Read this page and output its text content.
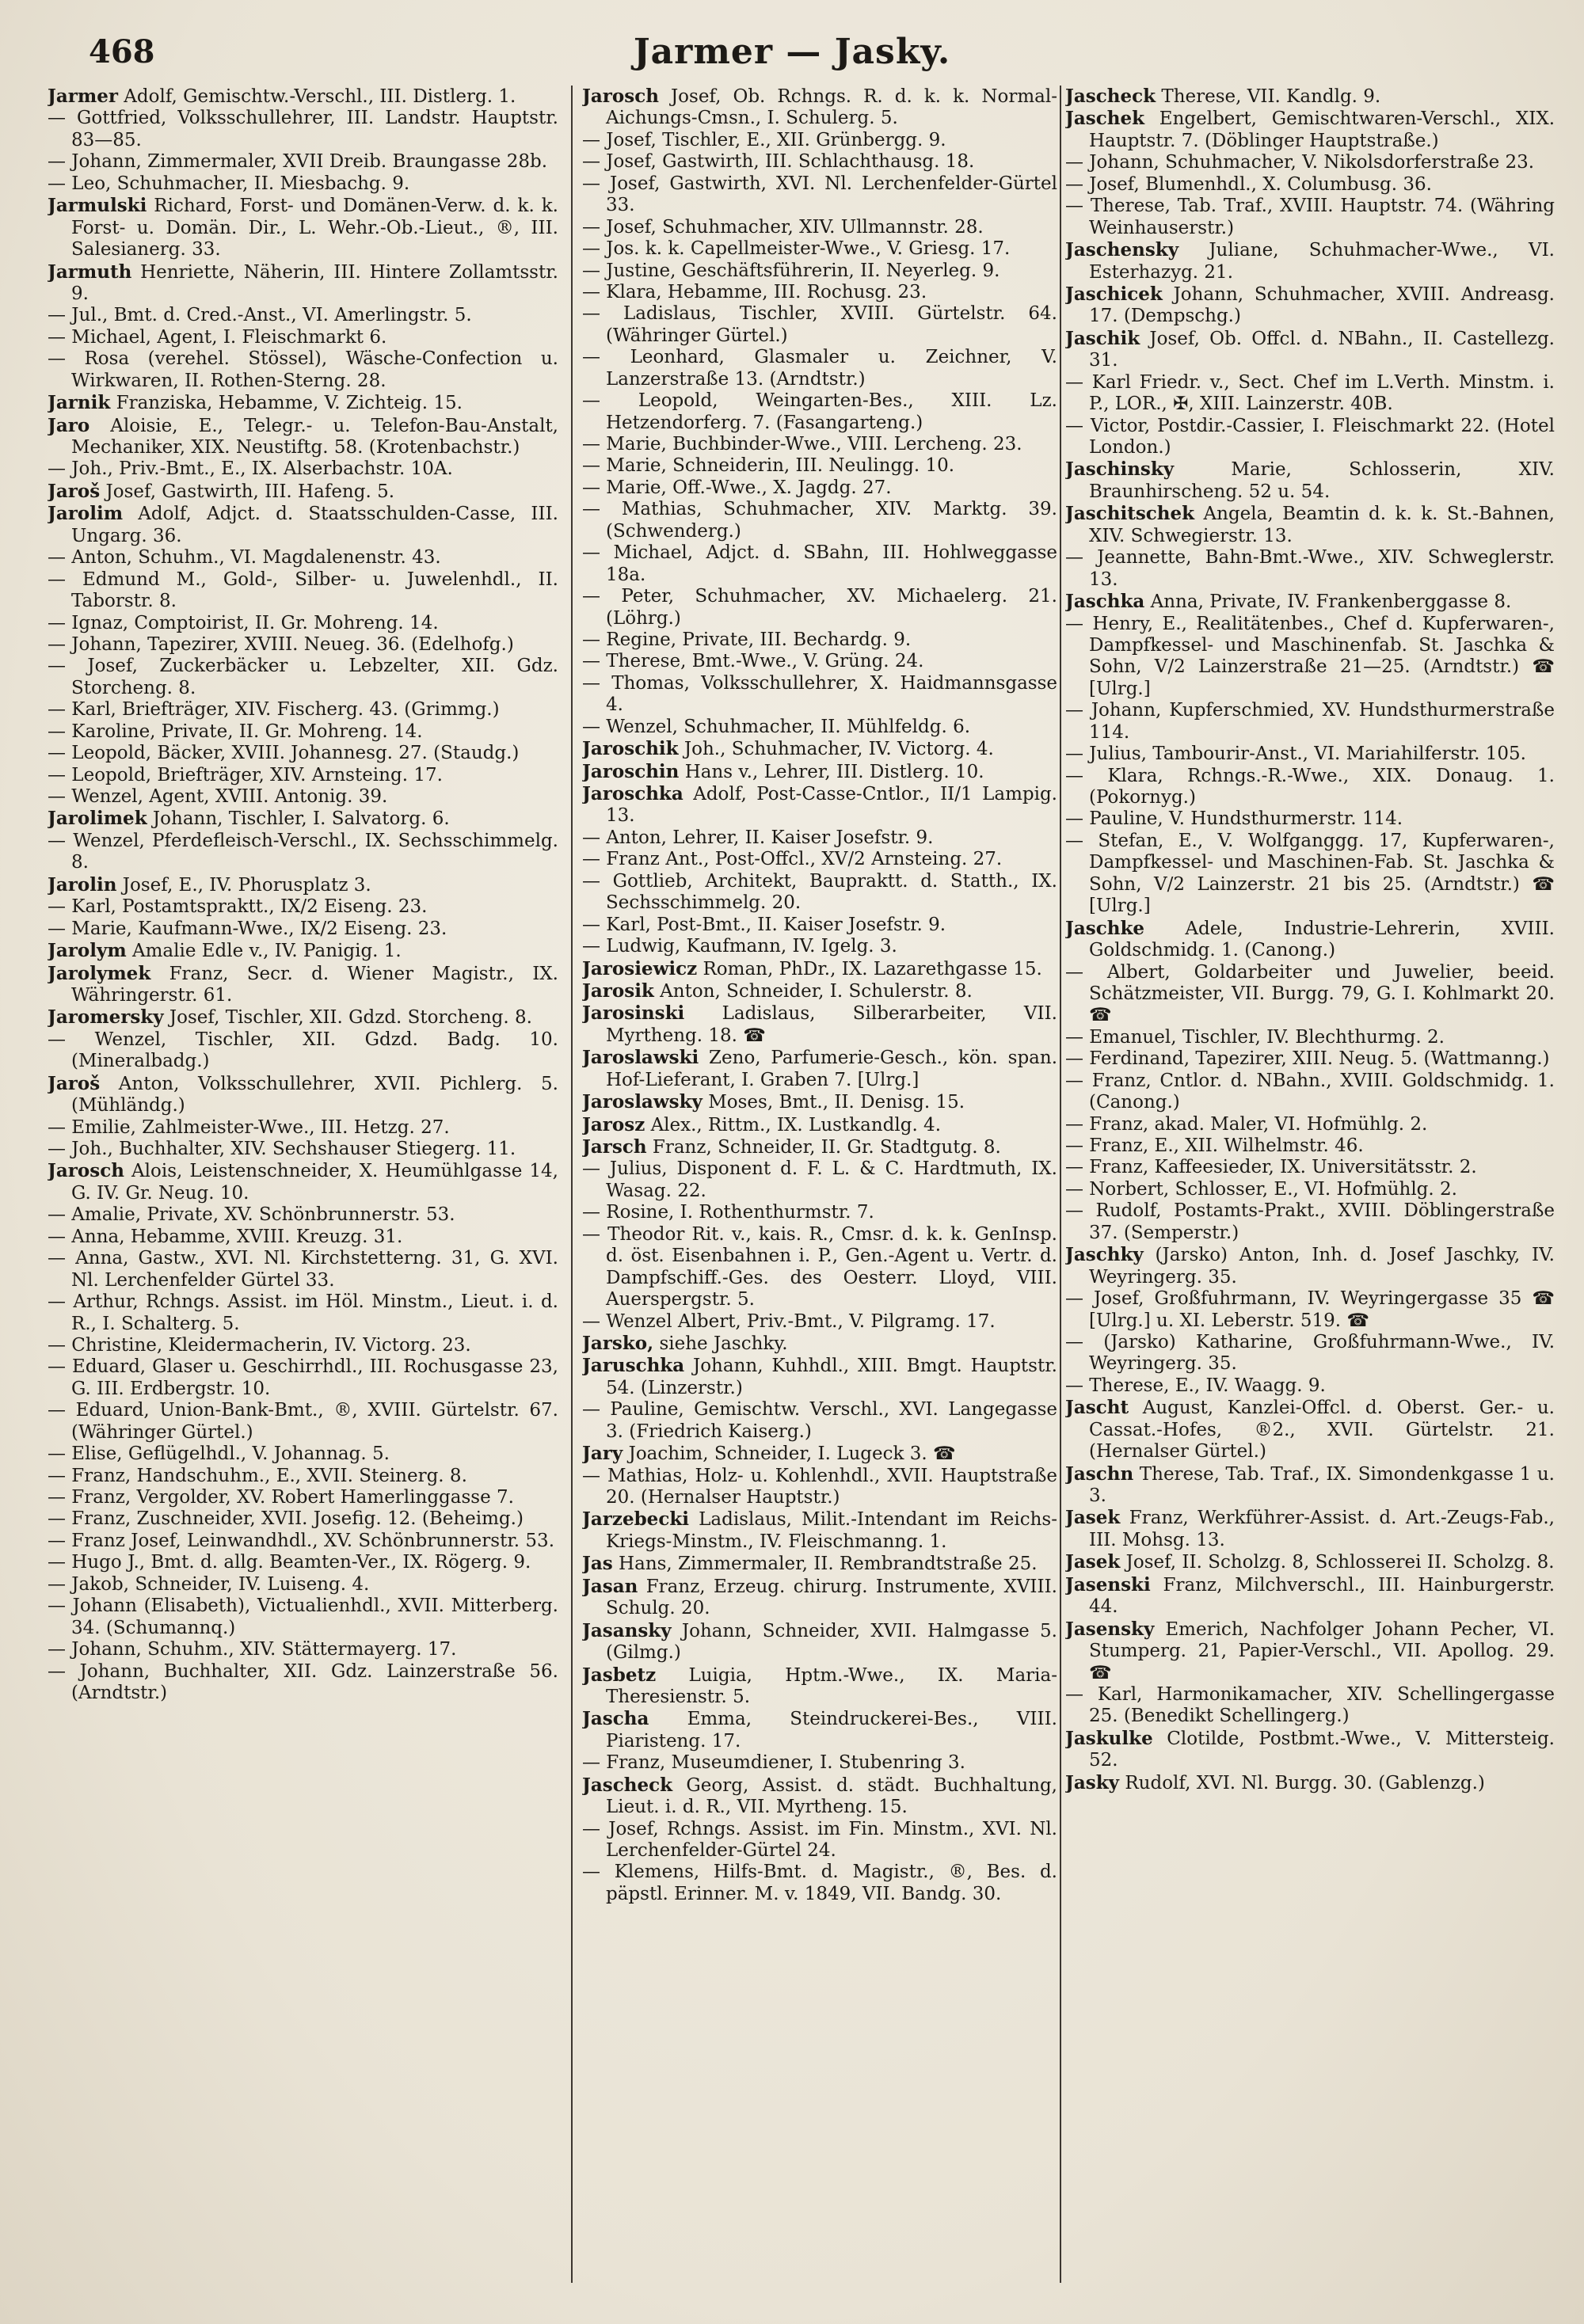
468	Jarmer — Jasky.

Jarmer Adolf, Gemischtw.-Verschl., III. Distlerg. 1.

— Gottfried, Volksschullehrer, III. Landstr. Hauptstr. 83—85.

— Johann, Zimmermaler, XVII Dreib. Braungasse 28b.

— Leo, Schuhmacher, II. Miesbachg. 9.

Jarmulski Richard, Forst- und Domänen-Verw. d. k. k. Forst- u. Domän. Dir., L. Wehr.-Ob.-Lieut., ®, III. Salesianerg. 33.

Jarmuth Henriette, Näherin, III. Hintere Zollamtsstr. 9.

— Jul., Bmt. d. Cred.-Anst., VI. Amerlingstr. 5.

— Michael, Agent, I. Fleischmarkt 6.

— Rosa (verehel. Stössel), Wäsche-Confection u. Wirkwaren, II. Rothen-Sterng. 28.

Jarnik Franziska, Hebamme, V. Zichteig. 15.

Jaro Aloisie, E., Telegr.- u. Telefon-Bau-Anstalt, Mechaniker, XIX. Neustiftg. 58. (Krotenbachstr.)

— Joh., Priv.-Bmt., E., IX. Alserbachstr. 10A.

Jaroš Josef, Gastwirth, III. Hafeng. 5.

Jarolim Adolf, Adjct. d. Staatsschulden-Casse, III. Ungarg. 36.

— Anton, Schuhm., VI. Magdalenenstr. 43.

— Edmund M., Gold-, Silber- u. Juwelenhdl., II. Taborstr. 8.

— Ignaz, Comptoirist, II. Gr. Mohreng. 14.

— Johann, Tapezirer, XVIII. Neueg. 36. (Edelhofg.)

— Josef, Zuckerbäcker u. Lebzelter, XII. Gdz. Storcheng. 8.

— Karl, Briefträger, XIV. Fischerg. 43. (Grimmg.)

— Karoline, Private, II. Gr. Mohreng. 14.

— Leopold, Bäcker, XVIII. Johannesg. 27. (Staudg.)

— Leopold, Briefträger, XIV. Arnsteing. 17.

— Wenzel, Agent, XVIII. Antonig. 39.

Jarolimek Johann, Tischler, I. Salvatorg. 6.

— Wenzel, Pferdefleisch-Verschl., IX. Sechsschimmelg. 8.

Jarolin Josef, E., IV. Phorusplatz 3.

— Karl, Postamtspraktt., IX/2 Eiseng. 23.

— Marie, Kaufmann-Wwe., IX/2 Eiseng. 23.

Jarolym Amalie Edle v., IV. Panigig. 1.

Jarolymek Franz, Secr. d. Wiener Magistr., IX. Währingerstr. 61.

Jaromersky Josef, Tischler, XII. Gdzd. Storcheng. 8.

— Wenzel, Tischler, XII. Gdzd. Badg. 10. (Mineralbadg.)

Jaroš Anton, Volksschullehrer, XVII. Pichlerg. 5. (Mühländg.)

— Emilie, Zahlmeister-Wwe., III. Hetzg. 27.

— Joh., Buchhalter, XIV. Sechshauser Stiegerg. 11.

Jarosch Alois, Leistenschneider, X. Heumühlgasse 14, G. IV. Gr. Neug. 10.

— Amalie, Private, XV. Schönbrunnerstr. 53.

— Anna, Hebamme, XVIII. Kreuzg. 31.

— Anna, Gastw., XVI. Nl. Kirchstetterng. 31, G. XVI. Nl. Lerchenfelder Gürtel 33.

— Arthur, Rchngs. Assist. im Höl. Minstm., Lieut. i. d. R., I. Schalterg. 5.

— Christine, Kleidermacherin, IV. Victorg. 23.

— Eduard, Glaser u. Geschirrhdl., III. Rochusgasse 23, G. III. Erdbergstr. 10.

— Eduard, Union-Bank-Bmt., ®, XVIII. Gürtelstr. 67. (Währinger Gürtel.)

— Elise, Geflügelhdl., V. Johannag. 5.

— Franz, Handschuhm., E., XVII. Steinerg. 8.

— Franz, Vergolder, XV. Robert Hamerlinggasse 7.

— Franz, Zuschneider, XVII. Josefig. 12. (Beheimg.)

— Franz Josef, Leinwandhdl., XV. Schönbrunnerstr. 53.

— Hugo J., Bmt. d. allg. Beamten-Ver., IX. Rögerg. 9.

— Jakob, Schneider, IV. Luiseng. 4.

— Johann (Elisabeth), Victualienhdl., XVII. Mitterberg. 34. (Schumannq.)

— Johann, Schuhm., XIV. Stättermayerg. 17.

— Johann, Buchhalter, XII. Gdz. Lainzerstraße 56. (Arndtstr.)

Jarosch Josef, Ob. Rchngs. R. d. k. k. Normal-Aichungs-Cmsn., I. Schulerg. 5.

— Josef, Tischler, E., XII. Grünbergg. 9.

— Josef, Gastwirth, III. Schlachthausg. 18.

— Josef, Gastwirth, XVI. Nl. Lerchenfelder-Gürtel 33.

— Josef, Schuhmacher, XIV. Ullmannstr. 28.

— Jos. k. k. Capellmeister-Wwe., V. Griesg. 17.

— Justine, Geschäftsführerin, II. Neyerleg. 9.

— Klara, Hebamme, III. Rochusg. 23.

— Ladislaus, Tischler, XVIII. Gürtelstr. 64. (Währinger Gürtel.)

— Leonhard, Glasmaler u. Zeichner, V. Lanzerstraße 13. (Arndtstr.)

— Leopold, Weingarten-Bes., XIII. Lz. Hetzendorferg. 7. (Fasangarteng.)

— Marie, Buchbinder-Wwe., VIII. Lercheng. 23.

— Marie, Schneiderin, III. Neulingg. 10.

— Marie, Off.-Wwe., X. Jagdg. 27.

— Mathias, Schuhmacher, XIV. Marktg. 39. (Schwenderg.)

— Michael, Adjct. d. SBahn, III. Hohlweggasse 18a.

— Peter, Schuhmacher, XV. Michaelerg. 21. (Löhrg.)

— Regine, Private, III. Bechardg. 9.

— Therese, Bmt.-Wwe., V. Grüng. 24.

— Thomas, Volksschullehrer, X. Haidmannsgasse 4.

— Wenzel, Schuhmacher, II. Mühlfeldg. 6.

Jaroschik Joh., Schuhmacher, IV. Victorg. 4.

Jaroschin Hans v., Lehrer, III. Distlerg. 10.

Jaroschka Adolf, Post-Casse-Cntlor., II/1 Lampig. 13.

— Anton, Lehrer, II. Kaiser Josefstr. 9.

— Franz Ant., Post-Offcl., XV/2 Arnsteing. 27.

— Gottlieb, Architekt, Baupraktt. d. Statth., IX. Sechsschimmelg. 20.

— Karl, Post-Bmt., II. Kaiser Josefstr. 9.

— Ludwig, Kaufmann, IV. Igelg. 3.

Jarosiewicz Roman, PhDr., IX. Lazarethgasse 15.

Jarosik Anton, Schneider, I. Schulerstr. 8.

Jarosinski Ladislaus, Silberarbeiter, VII. Myrtheng. 18. ☎

Jaroslawski Zeno, Parfumerie-Gesch., kön. span. Hof-Lieferant, I. Graben 7. [Ulrg.]

Jaroslawsky Moses, Bmt., II. Denisg. 15.

Jarosz Alex., Rittm., IX. Lustkandlg. 4.

Jarsch Franz, Schneider, II. Gr. Stadtgutg. 8.

— Julius, Disponent d. F. L. & C. Hardtmuth, IX. Wasag. 22.

— Rosine, I. Rothenthurmstr. 7.

— Theodor Rit. v., kais. R., Cmsr. d. k. k. GenInsp. d. öst. Eisenbahnen i. P., Gen.-Agent u. Vertr. d. Dampfschiff.-Ges. des Oesterr. Lloyd, VIII. Auerspergstr. 5.

— Wenzel Albert, Priv.-Bmt., V. Pilgramg. 17.

Jarsko, siehe Jaschky.

Jaruschka Johann, Kuhhdl., XIII. Bmgt. Hauptstr. 54. (Linzerstr.)

— Pauline, Gemischtw. Verschl., XVI. Langegasse 3. (Friedrich Kaiserg.)

Jary Joachim, Schneider, I. Lugeck 3. ☎

— Mathias, Holz- u. Kohlenhdl., XVII. Hauptstraße 20. (Hernalser Hauptstr.)

Jarzebecki Ladislaus, Milit.-Intendant im Reichs-Kriegs-Minstm., IV. Fleischmanng. 1.

Jas Hans, Zimmermaler, II. Rembrandtstraße 25.

Jasan Franz, Erzeug. chirurg. Instrumente, XVIII. Schulg. 20.

Jasansky Johann, Schneider, XVII. Halmgasse 5. (Gilmg.)

Jasbetz Luigia, Hptm.-Wwe., IX. Maria-Theresienstr. 5.

Jascha Emma, Steindruckerei-Bes., VIII. Piaristeng. 17.

— Franz, Museumdiener, I. Stubenring 3.

Jascheck Georg, Assist. d. städt. Buchhaltung, Lieut. i. d. R., VII. Myrtheng. 15.

— Josef, Rchngs. Assist. im Fin. Minstm., XVI. Nl. Lerchenfelder-Gürtel 24.

— Klemens, Hilfs-Bmt. d. Magistr., ®, Bes. d. päpstl. Erinner. M. v. 1849, VII. Bandg. 30.

Jascheck Therese, VII. Kandlg. 9.

Jaschek Engelbert, Gemischtwaren-Verschl., XIX. Hauptstr. 7. (Döblinger Hauptstraße.)

— Johann, Schuhmacher, V. Nikolsdorferstraße 23.

— Josef, Blumenhdl., X. Columbusg. 36.

— Therese, Tab. Traf., XVIII. Hauptstr. 74. (Währing Weinhauserstr.)

Jaschensky Juliane, Schuhmacher-Wwe., VI. Esterhazyg. 21.

Jaschicek Johann, Schuhmacher, XVIII. Andreasg. 17. (Dempschg.)

Jaschik Josef, Ob. Offcl. d. NBahn., II. Castellezg. 31.

— Karl Friedr. v., Sect. Chef im L.Verth. Minstm. i. P., LOR., ✠, XIII. Lainzerstr. 40B.

— Victor, Postdir.-Cassier, I. Fleischmarkt 22. (Hotel London.)

Jaschinsky Marie, Schlosserin, XIV. Braunhirscheng. 52 u. 54.

Jaschitschek Angela, Beamtin d. k. k. St.-Bahnen, XIV. Schwegierstr. 13.

— Jeannette, Bahn-Bmt.-Wwe., XIV. Schweglerstr. 13.

Jaschka Anna, Private, IV. Frankenberggasse 8.

— Henry, E., Realitätenbes., Chef d. Kupferwaren-, Dampfkessel- und Maschinenfab. St. Jaschka & Sohn, V/2 Lainzerstraße 21—25. (Arndtstr.) ☎ [Ulrg.]

— Johann, Kupferschmied, XV. Hundsthurmerstraße 114.

— Julius, Tambourir-Anst., VI. Mariahilferstr. 105.

— Klara, Rchngs.-R.-Wwe., XIX. Donaug. 1. (Pokornyg.)

— Pauline, V. Hundsthurmerstr. 114.

— Stefan, E., V. Wolfganggg. 17, Kupferwaren-, Dampfkessel- und Maschinen-Fab. St. Jaschka & Sohn, V/2 Lainzerstr. 21 bis 25. (Arndtstr.) ☎ [Ulrg.]

Jaschke Adele, Industrie-Lehrerin, XVIII. Goldschmidg. 1. (Canong.)

— Albert, Goldarbeiter und Juwelier, beeid. Schätzmeister, VII. Burgg. 79, G. I. Kohlmarkt 20. ☎

— Emanuel, Tischler, IV. Blechthurmg. 2.

— Ferdinand, Tapezirer, XIII. Neug. 5. (Wattmanng.)

— Franz, Cntlor. d. NBahn., XVIII. Goldschmidg. 1. (Canong.)

— Franz, akad. Maler, VI. Hofmühlg. 2.

— Franz, E., XII. Wilhelmstr. 46.

— Franz, Kaffeesieder, IX. Universitätsstr. 2.

— Norbert, Schlosser, E., VI. Hofmühlg. 2.

— Rudolf, Postamts-Prakt., XVIII. Döblingerstraße 37. (Semperstr.)

Jaschky (Jarsko) Anton, Inh. d. Josef Jaschky, IV. Weyringerg. 35.

— Josef, Großfuhrmann, IV. Weyringergasse 35 ☎ [Ulrg.] u. XI. Leberstr. 519. ☎

— (Jarsko) Katharine, Großfuhrmann-Wwe., IV. Weyringerg. 35.

— Therese, E., IV. Waagg. 9.

Jascht August, Kanzlei-Offcl. d. Oberst. Ger.- u. Cassat.-Hofes, ®2., XVII. Gürtelstr. 21. (Hernalser Gürtel.)

Jaschn Therese, Tab. Traf., IX. Simondenkgasse 1 u. 3.

Jasek Franz, Werkführer-Assist. d. Art.-Zeugs-Fab., III. Mohsg. 13.

Jasek Josef, II. Scholzg. 8, Schlosserei II. Scholzg. 8.

Jasenski Franz, Milchverschl., III. Hainburgerstr. 44.

Jasensky Emerich, Nachfolger Johann Pecher, VI. Stumperg. 21, Papier-Verschl., VII. Apollog. 29. ☎

— Karl, Harmonikamacher, XIV. Schellingergasse 25. (Benedikt Schellingerg.)

Jaskulke Clotilde, Postbmt.-Wwe., V. Mittersteig. 52.

Jasky Rudolf, XVI. Nl. Burgg. 30. (Gablenzg.)
